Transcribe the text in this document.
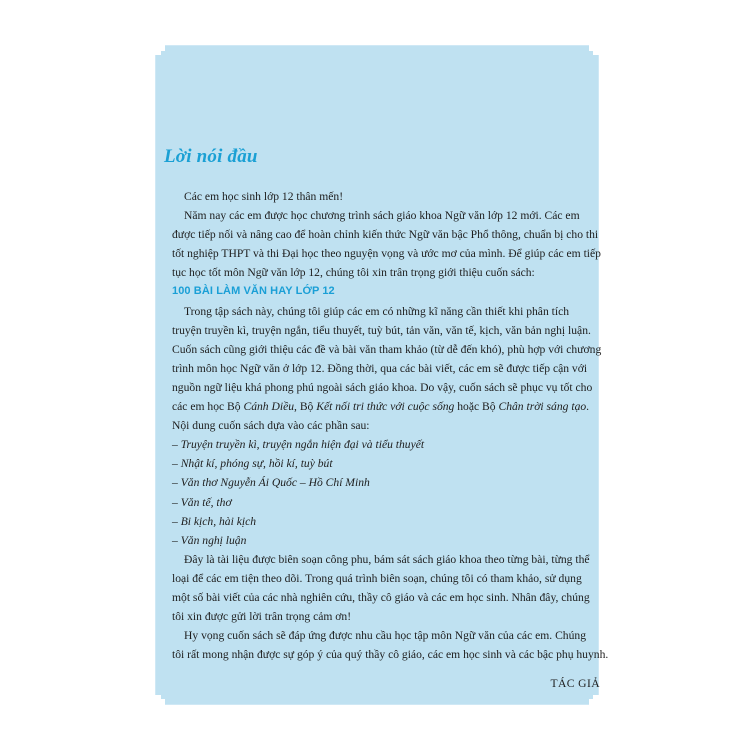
Lời nói đầu
Các em học sinh lớp 12 thân mến!
Năm nay các em được học chương trình sách giáo khoa Ngữ văn lớp 12 mới. Các em
được tiếp nối và nâng cao để hoàn chỉnh kiến thức Ngữ văn bậc Phổ thông, chuẩn bị cho thi
tốt nghiệp THPT và thi Đại học theo nguyện vọng và ước mơ của mình. Để giúp các em tiếp
tục học tốt môn Ngữ văn lớp 12, chúng tôi xin trân trọng giới thiệu cuốn sách:
100 BÀI LÀM VĂN HAY LỚP 12
Trong tập sách này, chúng tôi giúp các em có những kĩ năng cần thiết khi phân tích
truyện truyền kì, truyện ngắn, tiểu thuyết, tuỳ bút, tản văn, văn tế, kịch, văn bản nghị luận.
Cuốn sách cũng giới thiệu các đề và bài văn tham khảo (từ dễ đến khó), phù hợp với chương
trình môn học Ngữ văn ở lớp 12. Đồng thời, qua các bài viết, các em sẽ được tiếp cận với
nguồn ngữ liệu khá phong phú ngoài sách giáo khoa. Do vậy, cuốn sách sẽ phục vụ tốt cho
các em học Bộ Cánh Diều, Bộ Kết nối tri thức với cuộc sống hoặc Bộ Chân trời sáng tạo.
Nội dung cuốn sách dựa vào các phần sau:
– Truyện truyền kì, truyện ngắn hiện đại và tiểu thuyết
– Nhật kí, phóng sự, hồi kí, tuỳ bút
– Văn thơ Nguyễn Ái Quốc – Hồ Chí Minh
– Văn tế, thơ
– Bi kịch, hài kịch
– Văn nghị luận
Đây là tài liệu được biên soạn công phu, bám sát sách giáo khoa theo từng bài, từng thể
loại để các em tiện theo dõi. Trong quá trình biên soạn, chúng tôi có tham khảo, sử dụng
một số bài viết của các nhà nghiên cứu, thầy cô giáo và các em học sinh. Nhân đây, chúng
tôi xin được gửi lời trân trọng cảm ơn!
Hy vọng cuốn sách sẽ đáp ứng được nhu cầu học tập môn Ngữ văn của các em. Chúng
tôi rất mong nhận được sự góp ý của quý thầy cô giáo, các em học sinh và các bậc phụ huynh.
TÁC GIẢ
